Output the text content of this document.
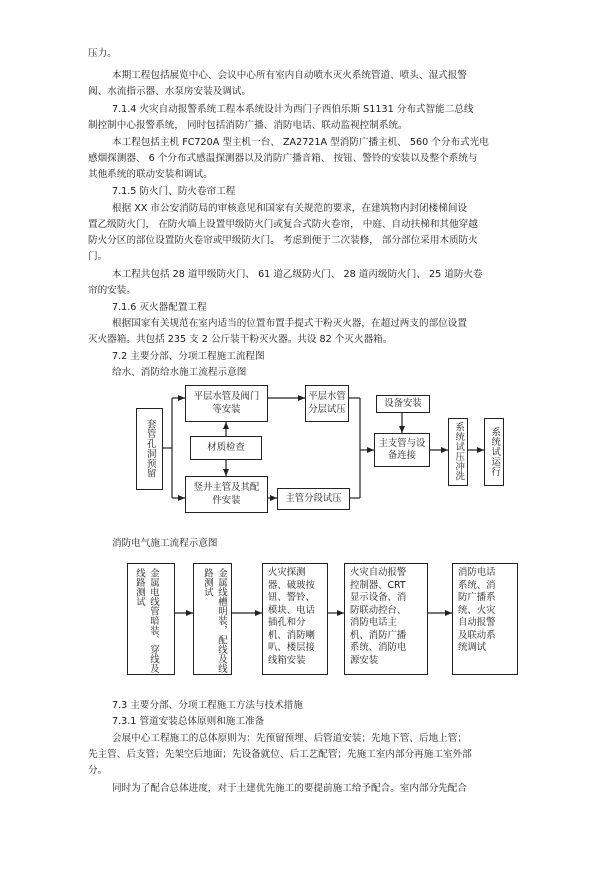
压力。
本期工程包括展览中心、会议中心所有室内自动喷水灭火系统管道、喷头、湿式报警
阀、水流指示器、水泵房安装及调试。
7.1.4 火灾自动报警系统工程本系统设计为西门子西伯乐斯 S1131 分布式智能二总线
制控制中心报警系统， 同时包括消防广播、消防电话、联动监视控制系统。
本工程包括主机 FC720A 型主机一台、 ZA2721A 型消防广播主机、 560 个分布式光电
感烟探测器、 6 个分布式感温探测器以及消防广播音箱、 按钮、警铃的安装以及整个系统与
其他系统的联动安装和调试。
7.1.5 防火门、防火卷帘工程
根据 XX 市公安消防局的审核意见和国家有关规范的要求，在建筑物内封闭楼梯间设
置乙级防火门， 在防火墙上设置甲级防火门或复合式防火卷帘， 中庭、自动扶梯和其他穿越
防火分区的部位设置防火卷帘或甲级防火门。 考虑到便于二次装修， 部分部位采用木质防火
门。
本工程共包括 28 道甲级防火门、 61 道乙级防火门、 28 道丙级防火门、 25 道防火卷
帘的安装。
7.1.6 灭火器配置工程
根据国家有关规范在室内适当的位置布置手提式干粉灭火器，在超过两支的部位设置
灭火器箱。共包括 235 支 2 公斤装干粉灭火器。共设 82 个灭火器箱。
7.2 主要分部、分项工程施工流程图
给水、消防给水施工流程示意图
套管孔洞预留
平层水管及阀门等安装
平层水管分层试压
材质检查
竖井主管及其配件安装	主管分段试压
设备安装
主支管与设备连接	系统试压冲洗	系统试运行
消防电气施工流程示意图
金属电线管暗装、穿线及
线路测试	金属线槽明装，配线及线
路测试	火灾探测
器、破玻按
钮、警铃、
模块、电话
插孔和分
机、消防喇
叭、楼层接
线箱安装
火灾自动报警
控制器、CRT
显示设备、消
防联动控台、
消防电话主
机、消防广播
系统、消防电
源安装
消防电话
系统、消
防广播系
统、火灾
自动报警
及联动系
统调试
7.3 主要分部、分项工程施工方法与技术措施
7.3.1 管道安装总体原则和施工准备
会展中心工程施工的总体原则为：先预留预埋、后管道安装；先地下管、后地上管；
先主管、后支管；先架空后地面；先设备就位、后工艺配管；先施工室内部分再施工室外部
分。
同时为了配合总体进度，对于土建优先施工的要提前施工给予配合。室内部分先配合
